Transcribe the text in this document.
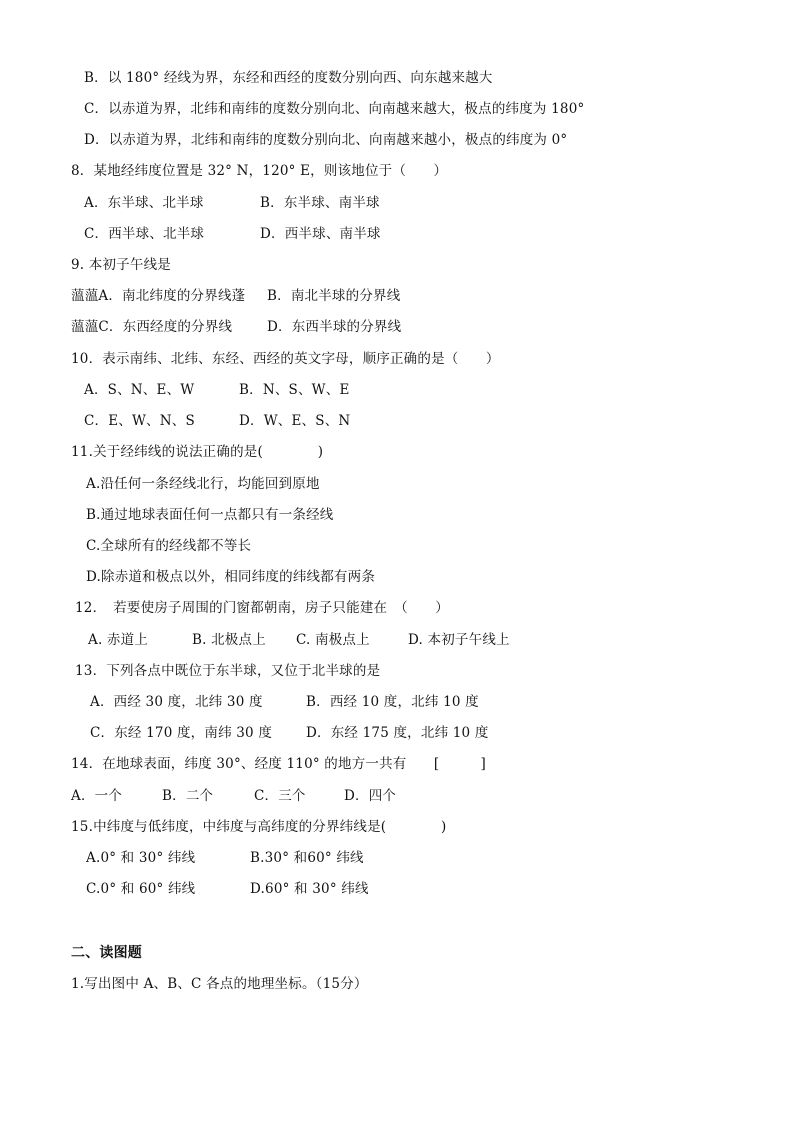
B．以 180° 经线为界，东经和西经的度数分别向西、向东越来越大
C．以赤道为界，北纬和南纬的度数分别向北、向南越来越大，极点的纬度为 180°
D．以赤道为界，北纬和南纬的度数分别向北、向南越来越小，极点的纬度为 0°
8．某地经纬度位置是 32° N，120° E，则该地位于（　　）
A．东半球、北半球	B．东半球、南半球
C．西半球、北半球	D．西半球、南半球
9. 本初子午线是
薀薀A．南北纬度的分界线蓬 B．南北半球的分界线
薀薀C．东西经度的分界线	D．东西半球的分界线
10．表示南纬、北纬、东经、西经的英文字母，顺序正确的是（　　）
A．S、N、E、W	B．N、S、W、E
C．E、W、N、S	D．W、E、S、N
11.关于经纬线的说法正确的是(　　　　)
A.沿任何一条经线北行，均能回到原地
B.通过地球表面任何一点都只有一条经线
C.全球所有的经线都不等长
D.除赤道和极点以外，相同纬度的纬线都有两条
12．　若要使房子周围的门窗都朝南，房子只能建在　（　　）
A. 赤道上	B. 北极点上 C. 南极点上	D. 本初子午线上
13．下列各点中既位于东半球，又位于北半球的是
A．西经 30 度，北纬 30 度	B．西经 10 度，北纬 10 度
C．东经 170 度，南纬 30 度	D．东经 175 度，北纬 10 度
14．在地球表面，纬度 30°、经度 110° 的地方一共有　　[　　　]
A．一个	B．二个	C．三个	D．四个
15.中纬度与低纬度，中纬度与高纬度的分界纬线是(　　　　)
A.0° 和 30° 纬线	B.30° 和60° 纬线
C.0° 和 60° 纬线	D.60° 和 30° 纬线
二、读图题
1.写出图中 A、B、C 各点的地理坐标。（15分）
